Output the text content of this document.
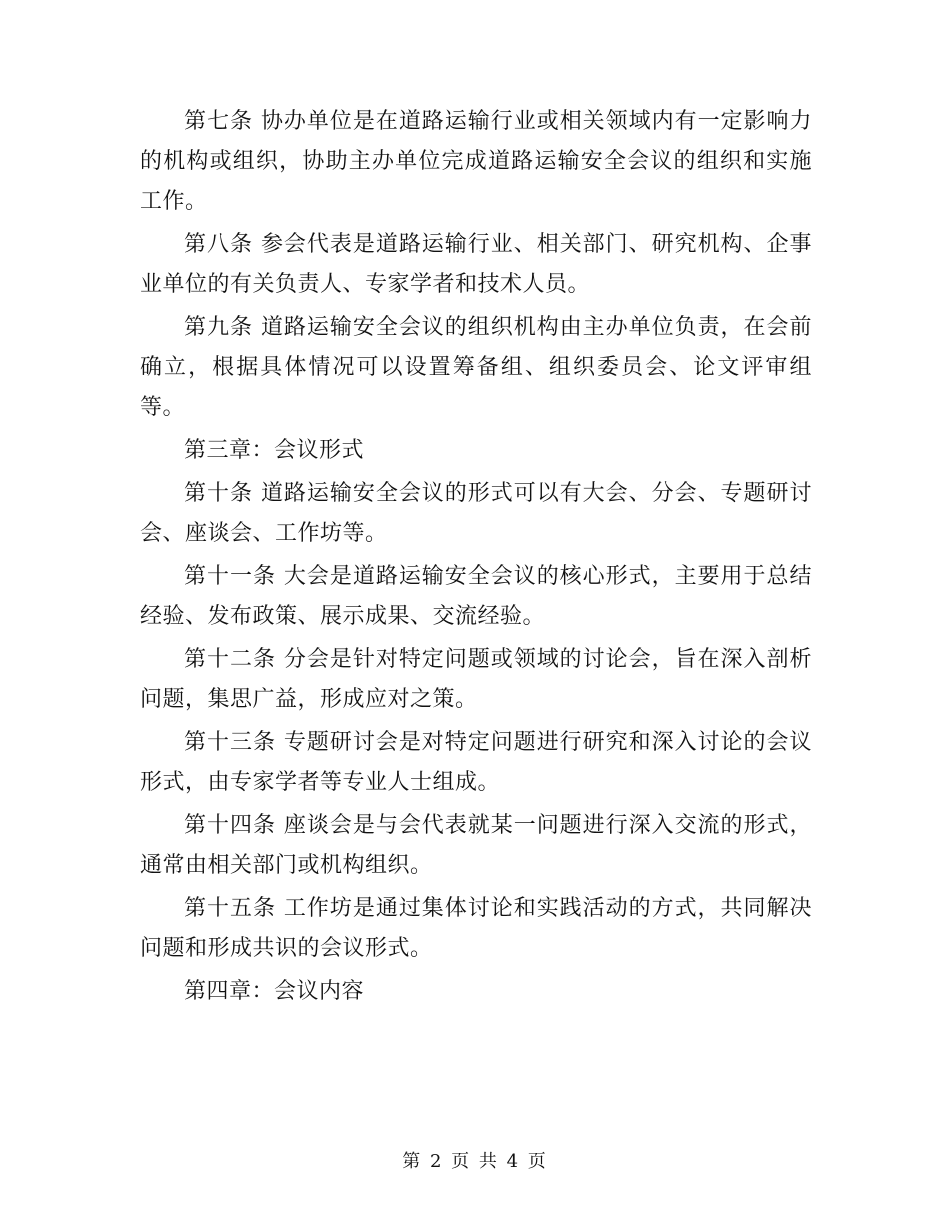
第七条 协办单位是在道路运输行业或相关领域内有一定影响力的机构或组织，协助主办单位完成道路运输安全会议的组织和实施工作。

第八条 参会代表是道路运输行业、相关部门、研究机构、企事业单位的有关负责人、专家学者和技术人员。

第九条 道路运输安全会议的组织机构由主办单位负责，在会前确立，根据具体情况可以设置筹备组、组织委员会、论文评审组等。

第三章：会议形式

第十条 道路运输安全会议的形式可以有大会、分会、专题研讨会、座谈会、工作坊等。

第十一条 大会是道路运输安全会议的核心形式，主要用于总结经验、发布政策、展示成果、交流经验。

第十二条 分会是针对特定问题或领域的讨论会，旨在深入剖析问题，集思广益，形成应对之策。

第十三条 专题研讨会是对特定问题进行研究和深入讨论的会议形式，由专家学者等专业人士组成。

第十四条 座谈会是与会代表就某一问题进行深入交流的形式，通常由相关部门或机构组织。

第十五条 工作坊是通过集体讨论和实践活动的方式，共同解决问题和形成共识的会议形式。

第四章：会议内容

第 2 页 共 4 页
